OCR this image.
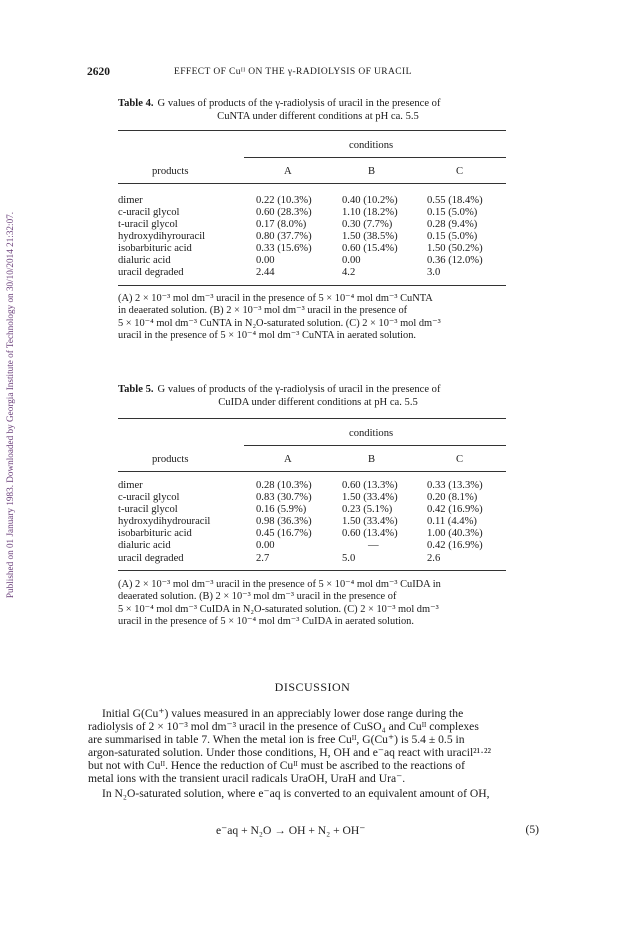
Published on 01 January 1983. Downloaded by Georgia Institute of Technology on 30/10/2014 21:32:07.
2620	EFFECT OF Cuᴵᴵ ON THE γ-RADIOLYSIS OF URACIL
Table 4. G values of products of the γ-radiolysis of uracil in the presence of
CuNTA under different conditions at pH ca. 5.5
conditions
products	A	B	C
dimer	0.22 (10.3%)	0.40 (10.2%)	0.55 (18.4%)
c-uracil glycol	0.60 (28.3%)	1.10 (18.2%)	0.15 (5.0%)
t-uracil glycol	0.17 (8.0%)	0.30 (7.7%)	0.28 (9.4%)
hydroxydihyrouracil	0.80 (37.7%)	1.50 (38.5%)	0.15 (5.0%)
isobarbituric acid	0.33 (15.6%)	0.60 (15.4%)	1.50 (50.2%)
dialuric acid	0.00	0.00	0.36 (12.0%)
uracil degraded	2.44	4.2	3.0
(A) 2 × 10⁻³ mol dm⁻³ uracil in the presence of 5 × 10⁻⁴ mol dm⁻³ CuNTA
in deaerated solution. (B) 2 × 10⁻³ mol dm⁻³ uracil in the presence of
5 × 10⁻⁴ mol dm⁻³ CuNTA in N₂O-saturated solution. (C) 2 × 10⁻³ mol dm⁻³
uracil in the presence of 5 × 10⁻⁴ mol dm⁻³ CuNTA in aerated solution.
Table 5. G values of products of the γ-radiolysis of uracil in the presence of
CuIDA under different conditions at pH ca. 5.5
conditions
products	A	B	C
dimer	0.28 (10.3%)	0.60 (13.3%)	0.33 (13.3%)
c-uracil glycol	0.83 (30.7%)	1.50 (33.4%)	0.20 (8.1%)
t-uracil glycol	0.16 (5.9%)	0.23 (5.1%)	0.42 (16.9%)
hydroxydihydrouracil	0.98 (36.3%)	1.50 (33.4%)	0.11 (4.4%)
isobarbituric acid	0.45 (16.7%)	0.60 (13.4%)	1.00 (40.3%)
dialuric acid	0.00	—	0.42 (16.9%)
uracil degraded	2.7	5.0	2.6
(A) 2 × 10⁻³ mol dm⁻³ uracil in the presence of 5 × 10⁻⁴ mol dm⁻³ CuIDA in
deaerated solution. (B) 2 × 10⁻³ mol dm⁻³ uracil in the presence of
5 × 10⁻⁴ mol dm⁻³ CuIDA in N₂O-saturated solution. (C) 2 × 10⁻³ mol dm⁻³
uracil in the presence of 5 × 10⁻⁴ mol dm⁻³ CuIDA in aerated solution.
DISCUSSION
Initial G(Cu⁺) values measured in an appreciably lower dose range during the
radiolysis of 2 × 10⁻³ mol dm⁻³ uracil in the presence of CuSO₄ and Cuᴵᴵ complexes
are summarised in table 7. When the metal ion is free Cuᴵᴵ, G(Cu⁺) is 5.4 ± 0.5 in
argon-saturated solution. Under those conditions, H, OH and e⁻aq react with uracil²¹·²²
but not with Cuᴵᴵ. Hence the reduction of Cuᴵᴵ must be ascribed to the reactions of
metal ions with the transient uracil radicals UraOH, UraH and Ura⁻.
In N₂O-saturated solution, where e⁻aq is converted to an equivalent amount of OH,
e⁻aq + N₂O → OH + N₂ + OH⁻	(5)
